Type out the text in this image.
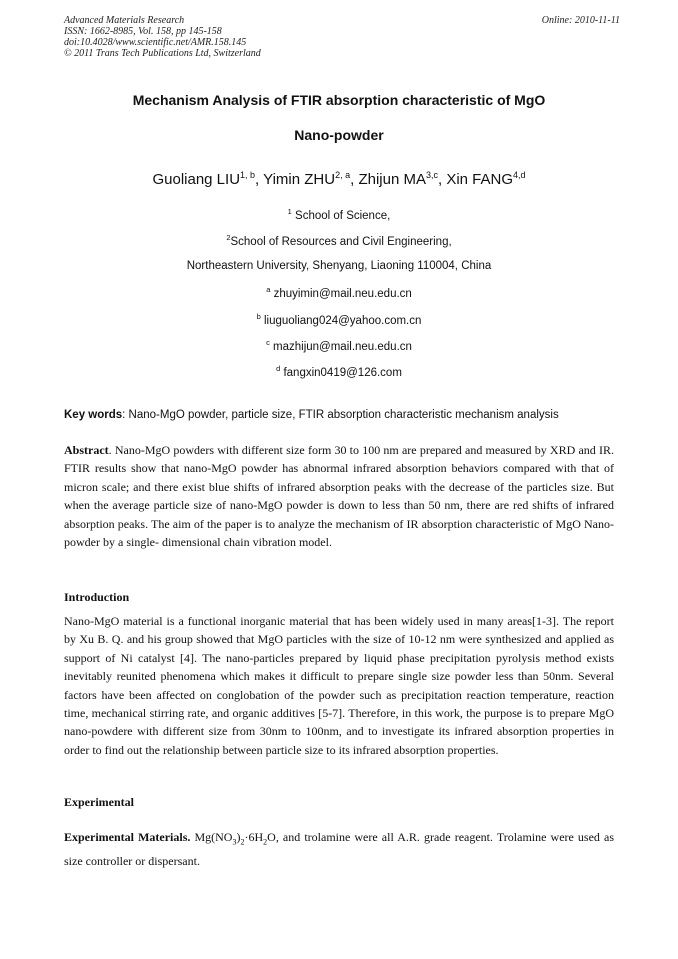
Advanced Materials Research
ISSN: 1662-8985, Vol. 158, pp 145-158
doi:10.4028/www.scientific.net/AMR.158.145
© 2011 Trans Tech Publications Ltd, Switzerland
Online: 2010-11-11
Mechanism Analysis of FTIR absorption characteristic of MgO
Nano-powder
Guoliang LIU$^{1, b}$, Yimin ZHU$^{2, a}$, Zhijun MA$^{3,c}$, Xin FANG$^{4,d}$
$^1$ School of Science,
$^2$School of Resources and Civil Engineering,
Northeastern University, Shenyang, Liaoning 110004, China
$^a$ zhuyimin@mail.neu.edu.cn
$^b$ liuguoliang024@yahoo.com.cn
$^c$ mazhijun@mail.neu.edu.cn
$^d$ fangxin0419@126.com
Key words: Nano-MgO powder, particle size, FTIR absorption characteristic mechanism analysis
Abstract. Nano-MgO powders with different size form 30 to 100 nm are prepared and measured by XRD and IR. FTIR results show that nano-MgO powder has abnormal infrared absorption behaviors compared with that of micron scale; and there exist blue shifts of infrared absorption peaks with the decrease of the particles size. But when the average particle size of nano-MgO powder is down to less than 50 nm, there are red shifts of infrared absorption peaks. The aim of the paper is to analyze the mechanism of IR absorption characteristic of MgO Nano-powder by a single- dimensional chain vibration model.
Introduction
Nano-MgO material is a functional inorganic material that has been widely used in many areas[1-3]. The report by Xu B. Q. and his group showed that MgO particles with the size of 10-12 nm were synthesized and applied as support of Ni catalyst [4]. The nano-particles prepared by liquid phase precipitation pyrolysis method exists inevitably reunited phenomena which makes it difficult to prepare single size powder less than 50nm. Several factors have been affected on conglobation of the powder such as precipitation reaction temperature, reaction time, mechanical stirring rate, and organic additives [5-7]. Therefore, in this work, the purpose is to prepare MgO nano-powdere with different size from 30nm to 100nm, and to investigate its infrared absorption properties in order to find out the relationship between particle size to its infrared absorption properties.
Experimental
Experimental Materials. $Mg(NO_3)_2\cdot 6H_2O$, and trolamine were all A.R. grade reagent. Trolamine were used as size controller or dispersant.
